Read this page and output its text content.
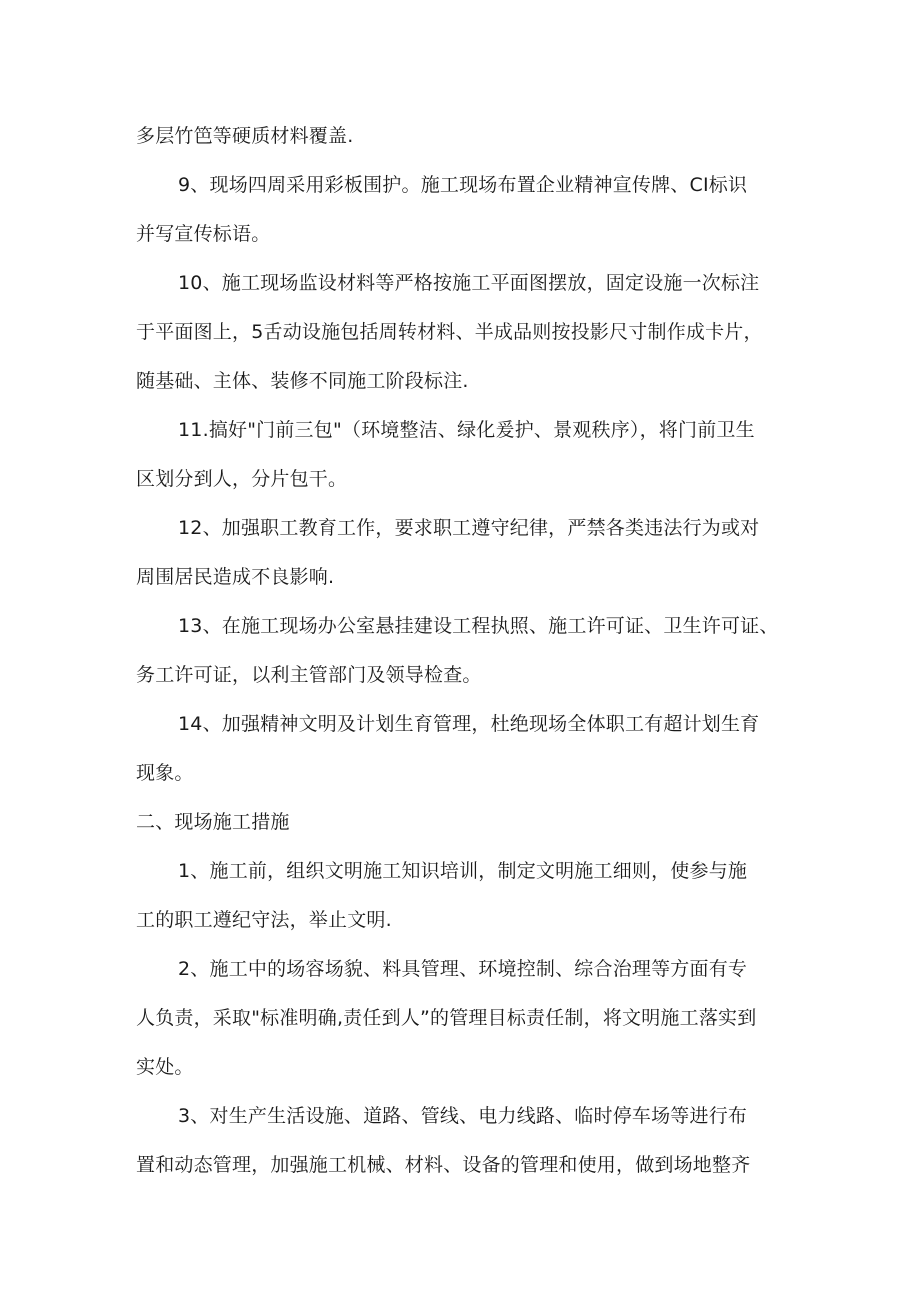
多层竹笆等硬质材料覆盖.
9、现场四周采用彩板围护。施工现场布置企业精神宣传牌、CI标识
并写宣传标语。
10、施工现场监设材料等严格按施工平面图摆放，固定设施一次标注
于平面图上，5舌动设施包括周转材料、半成品则按投影尺寸制作成卡片，
随基础、主体、装修不同施工阶段标注.
11.搞好"门前三包"（环境整洁、绿化爰护、景观秩序），将门前卫生
区划分到人，分片包干。
12、加强职工教育工作，要求职工遵守纪律，严禁各类违法行为或对
周围居民造成不良影响.
13、在施工现场办公室悬挂建设工程执照、施工许可证、卫生许可证、
务工许可证，以利主管部门及领导检查。
14、加强精神文明及计划生育管理，杜绝现场全体职工有超计划生育
现象。
二、现场施工措施
1、施工前，组织文明施工知识培训，制定文明施工细则，使参与施
工的职工遵纪守法，举止文明.
2、施工中的场容场貌、料具管理、环境控制、综合治理等方面有专
人负责，采取"标准明确,责任到人”的管理目标责任制，将文明施工落实到
实处。
3、对生产生活设施、道路、管线、电力线路、临时停车场等进行布
置和动态管理，加强施工机械、材料、设备的管理和使用，做到场地整齐
